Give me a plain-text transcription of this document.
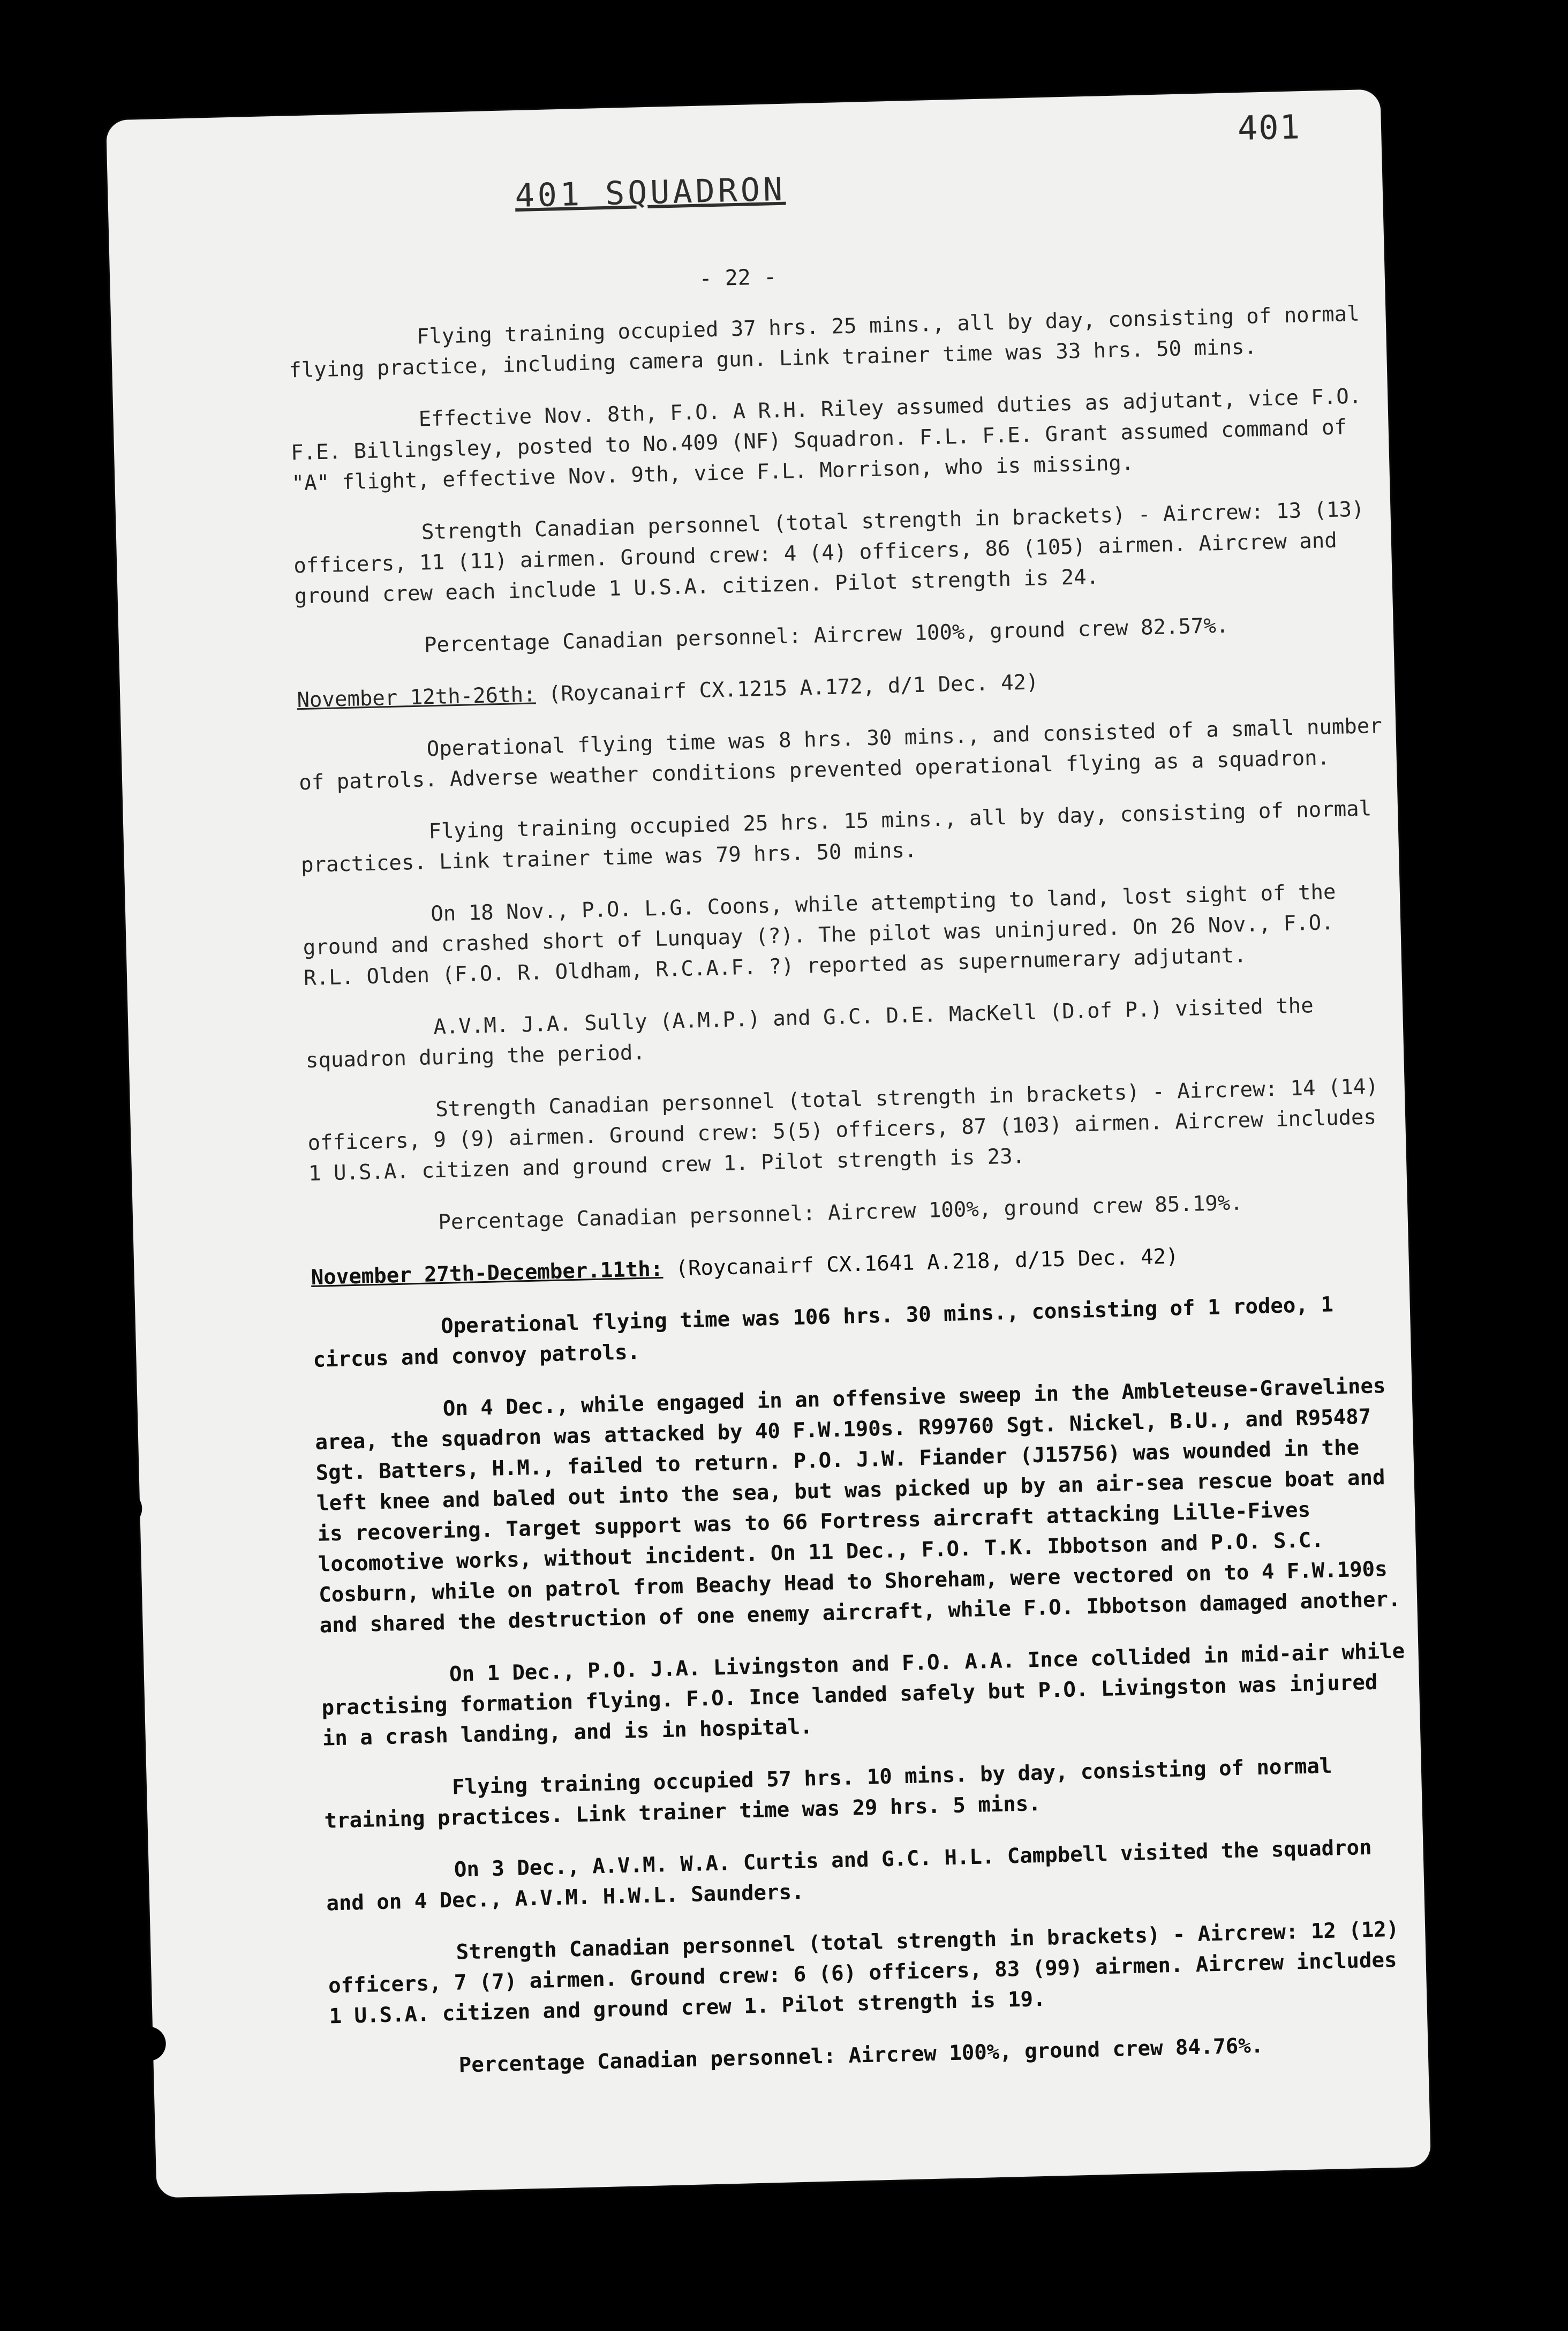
401
401 SQUADRON
- 22 -

Flying training occupied 37 hrs. 25 mins., all by day, consisting of normal flying practice, including camera gun. Link trainer time was 33 hrs. 50 mins.

Effective Nov. 8th, F.O. A R.H. Riley assumed duties as adjutant, vice F.O. F.E. Billingsley, posted to No.409 (NF) Squadron. F.L. F.E. Grant assumed command of "A" flight, effective Nov. 9th, vice F.L. Morrison, who is missing.

Strength Canadian personnel (total strength in brackets) - Aircrew: 13 (13) officers, 11 (11) airmen. Ground crew: 4 (4) officers, 86 (105) airmen. Aircrew and ground crew each include 1 U.S.A. citizen. Pilot strength is 24.

Percentage Canadian personnel: Aircrew 100%, ground crew 82.57%.

November 12th-26th: (Roycanairf CX.1215 A.172, d/1 Dec. 42)

Operational flying time was 8 hrs. 30 mins., and consisted of a small number of patrols. Adverse weather conditions prevented operational flying as a squadron.

Flying training occupied 25 hrs. 15 mins., all by day, consisting of normal practices. Link trainer time was 79 hrs. 50 mins.

On 18 Nov., P.O. L.G. Coons, while attempting to land, lost sight of the ground and crashed short of Lunquay (?). The pilot was uninjured. On 26 Nov., F.O. R.L. Olden (F.O. R. Oldham, R.C.A.F. ?) reported as supernumerary adjutant.

A.V.M. J.A. Sully (A.M.P.) and G.C. D.E. MacKell (D.of P.) visited the squadron during the period.

Strength Canadian personnel (total strength in brackets) - Aircrew: 14 (14) officers, 9 (9) airmen. Ground crew: 5(5) officers, 87 (103) airmen. Aircrew includes 1 U.S.A. citizen and ground crew 1. Pilot strength is 23.

Percentage Canadian personnel: Aircrew 100%, ground crew 85.19%.

November 27th-December.11th: (Roycanairf CX.1641 A.218, d/15 Dec. 42)

Operational flying time was 106 hrs. 30 mins., consisting of 1 rodeo, 1 circus and convoy patrols.

On 4 Dec., while engaged in an offensive sweep in the Ambleteuse-Gravelines area, the squadron was attacked by 40 F.W.190s. R99760 Sgt. Nickel, B.U., and R95487 Sgt. Batters, H.M., failed to return. P.O. J.W. Fiander (J15756) was wounded in the left knee and baled out into the sea, but was picked up by an air-sea rescue boat and is recovering. Target support was to 66 Fortress aircraft attacking Lille-Fives locomotive works, without incident. On 11 Dec., F.O. T.K. Ibbotson and P.O. S.C. Cosburn, while on patrol from Beachy Head to Shoreham, were vectored on to 4 F.W.190s and shared the destruction of one enemy aircraft, while F.O. Ibbotson damaged another.

On 1 Dec., P.O. J.A. Livingston and F.O. A.A. Ince collided in mid-air while practising formation flying. F.O. Ince landed safely but P.O. Livingston was injured in a crash landing, and is in hospital.

Flying training occupied 57 hrs. 10 mins. by day, consisting of normal training practices. Link trainer time was 29 hrs. 5 mins.

On 3 Dec., A.V.M. W.A. Curtis and G.C. H.L. Campbell visited the squadron and on 4 Dec., A.V.M. H.W.L. Saunders.

Strength Canadian personnel (total strength in brackets) - Aircrew: 12 (12) officers, 7 (7) airmen. Ground crew: 6 (6) officers, 83 (99) airmen. Aircrew includes 1 U.S.A. citizen and ground crew 1. Pilot strength is 19.

Percentage Canadian personnel: Aircrew 100%, ground crew 84.76%.
